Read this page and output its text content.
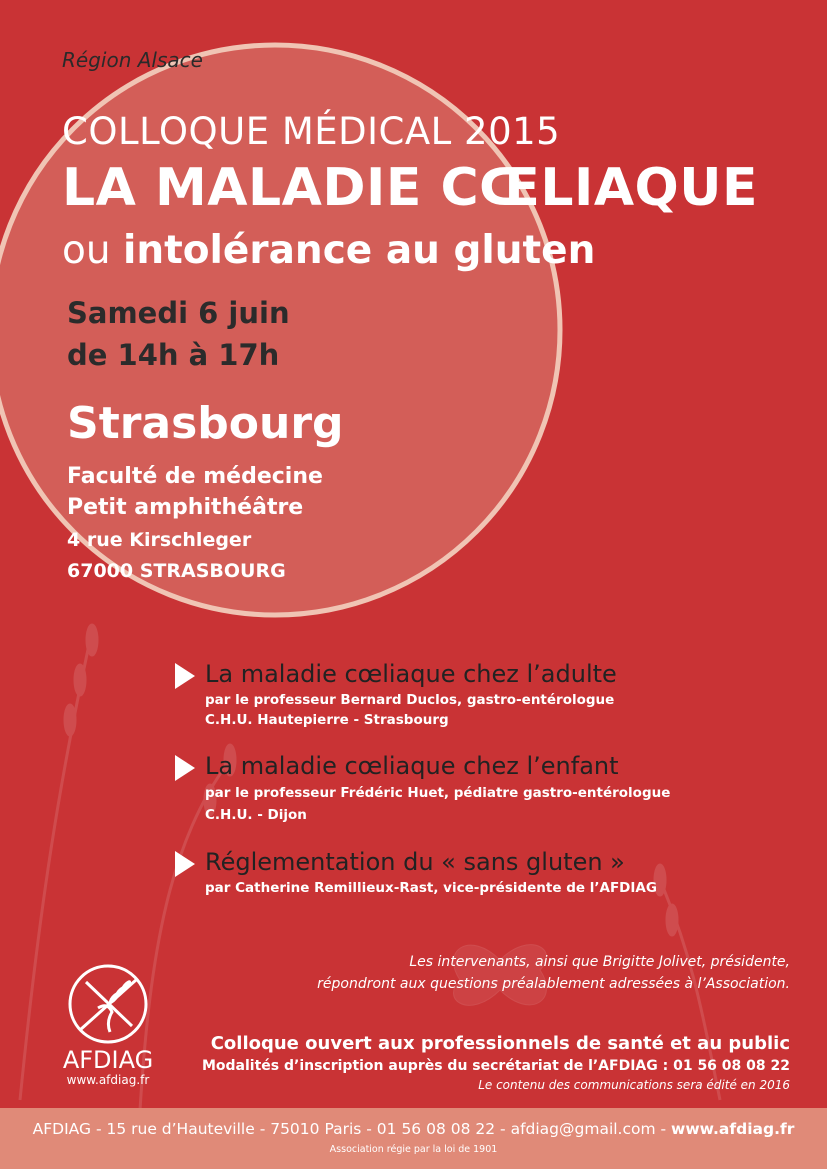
Région Alsace
COLLOQUE MÉDICAL 2015
LA MALADIE CŒLIAQUE
ou intolérance au gluten
Samedi 6 juin
de 14h à 17h
Strasbourg
Faculté de médecine
Petit amphithéâtre
4 rue Kirschleger
67000 STRASBOURG
La maladie cœliaque chez l’adulte
par le professeur Bernard Duclos, gastro-entérologue
C.H.U. Hautepierre - Strasbourg
La maladie cœliaque chez l’enfant
par le professeur Frédéric Huet, pédiatre gastro-entérologue
C.H.U. - Dijon
Réglementation du « sans gluten »
par Catherine Remillieux-Rast, vice-présidente de l’AFDIAG
Les intervenants, ainsi que Brigitte Jolivet, présidente,
répondront aux questions préalablement adressées à l’Association.
AFDIAG
www.afdiag.fr
Colloque ouvert aux professionnels de santé et au public
Modalités d’inscription auprès du secrétariat de l’AFDIAG : 01 56 08 08 22
Le contenu des communications sera édité en 2016
AFDIAG - 15 rue d’Hauteville - 75010 Paris - 01 56 08 08 22 - afdiag@gmail.com - www.afdiag.fr
Association régie par la loi de 1901
